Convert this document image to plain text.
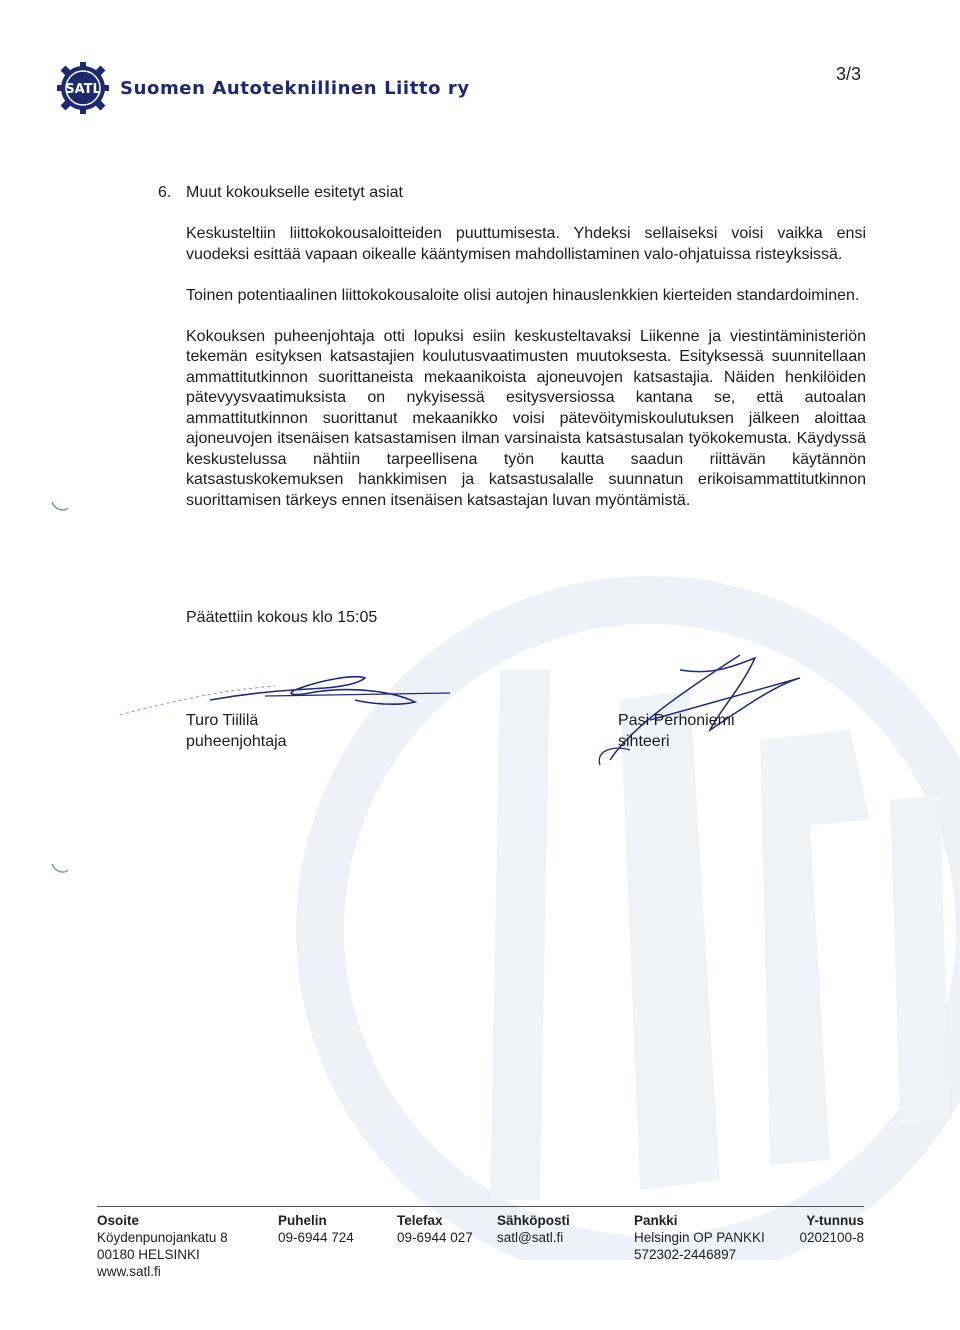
SATL Suomen Autoteknillinen Liitto ry
3/3
6. Muut kokoukselle esitetyt asiat

Keskusteltiin liittokokousaloitteiden puuttumisesta. Yhdeksi sellaiseksi voisi vaikka ensi vuodeksi esittää vapaan oikealle kääntymisen mahdollistaminen valo-ohjatuissa risteyksissä.

Toinen potentiaalinen liittokokousaloite olisi autojen hinauslenkkien kierteiden standardoiminen.

Kokouksen puheenjohtaja otti lopuksi esiin keskusteltavaksi Liikenne ja viestintäministeriön tekemän esityksen katsastajien koulutusvaatimusten muutoksesta. Esityksessä suunnitellaan ammattitutkinnon suorittaneista mekaanikoista ajoneuvojen katsastajia. Näiden henkilöiden pätevyysvaatimuksista on nykyisessä esitysversiossa kantana se, että autoalan ammattitutkinnon suorittanut mekaanikko voisi pätevöitymiskoulutuksen jälkeen aloittaa ajoneuvojen itsenäisen katsastamisen ilman varsinaista katsastusalan työkokemusta. Käydyssä keskustelussa nähtiin tarpeellisena työn kautta saadun riittävän käytännön katsastuskokemuksen hankkimisen ja katsastusalalle suunnatun erikoisammattitutkinnon suorittamisen tärkeys ennen itsenäisen katsastajan luvan myöntämistä.

Päätettiin kokous klo 15:05
Turo Tiililä
puheenjohtaja
Pasi Perhoniemi
sihteeri
Osoite
Köydenpunojankatu 8
00180 HELSINKI
www.satl.fi
Puhelin
09-6944 724
Telefax
09-6944 027
Sähköposti
satl@satl.fi
Pankki
Helsingin OP PANKKI
572302-2446897
Y-tunnus
0202100-8
